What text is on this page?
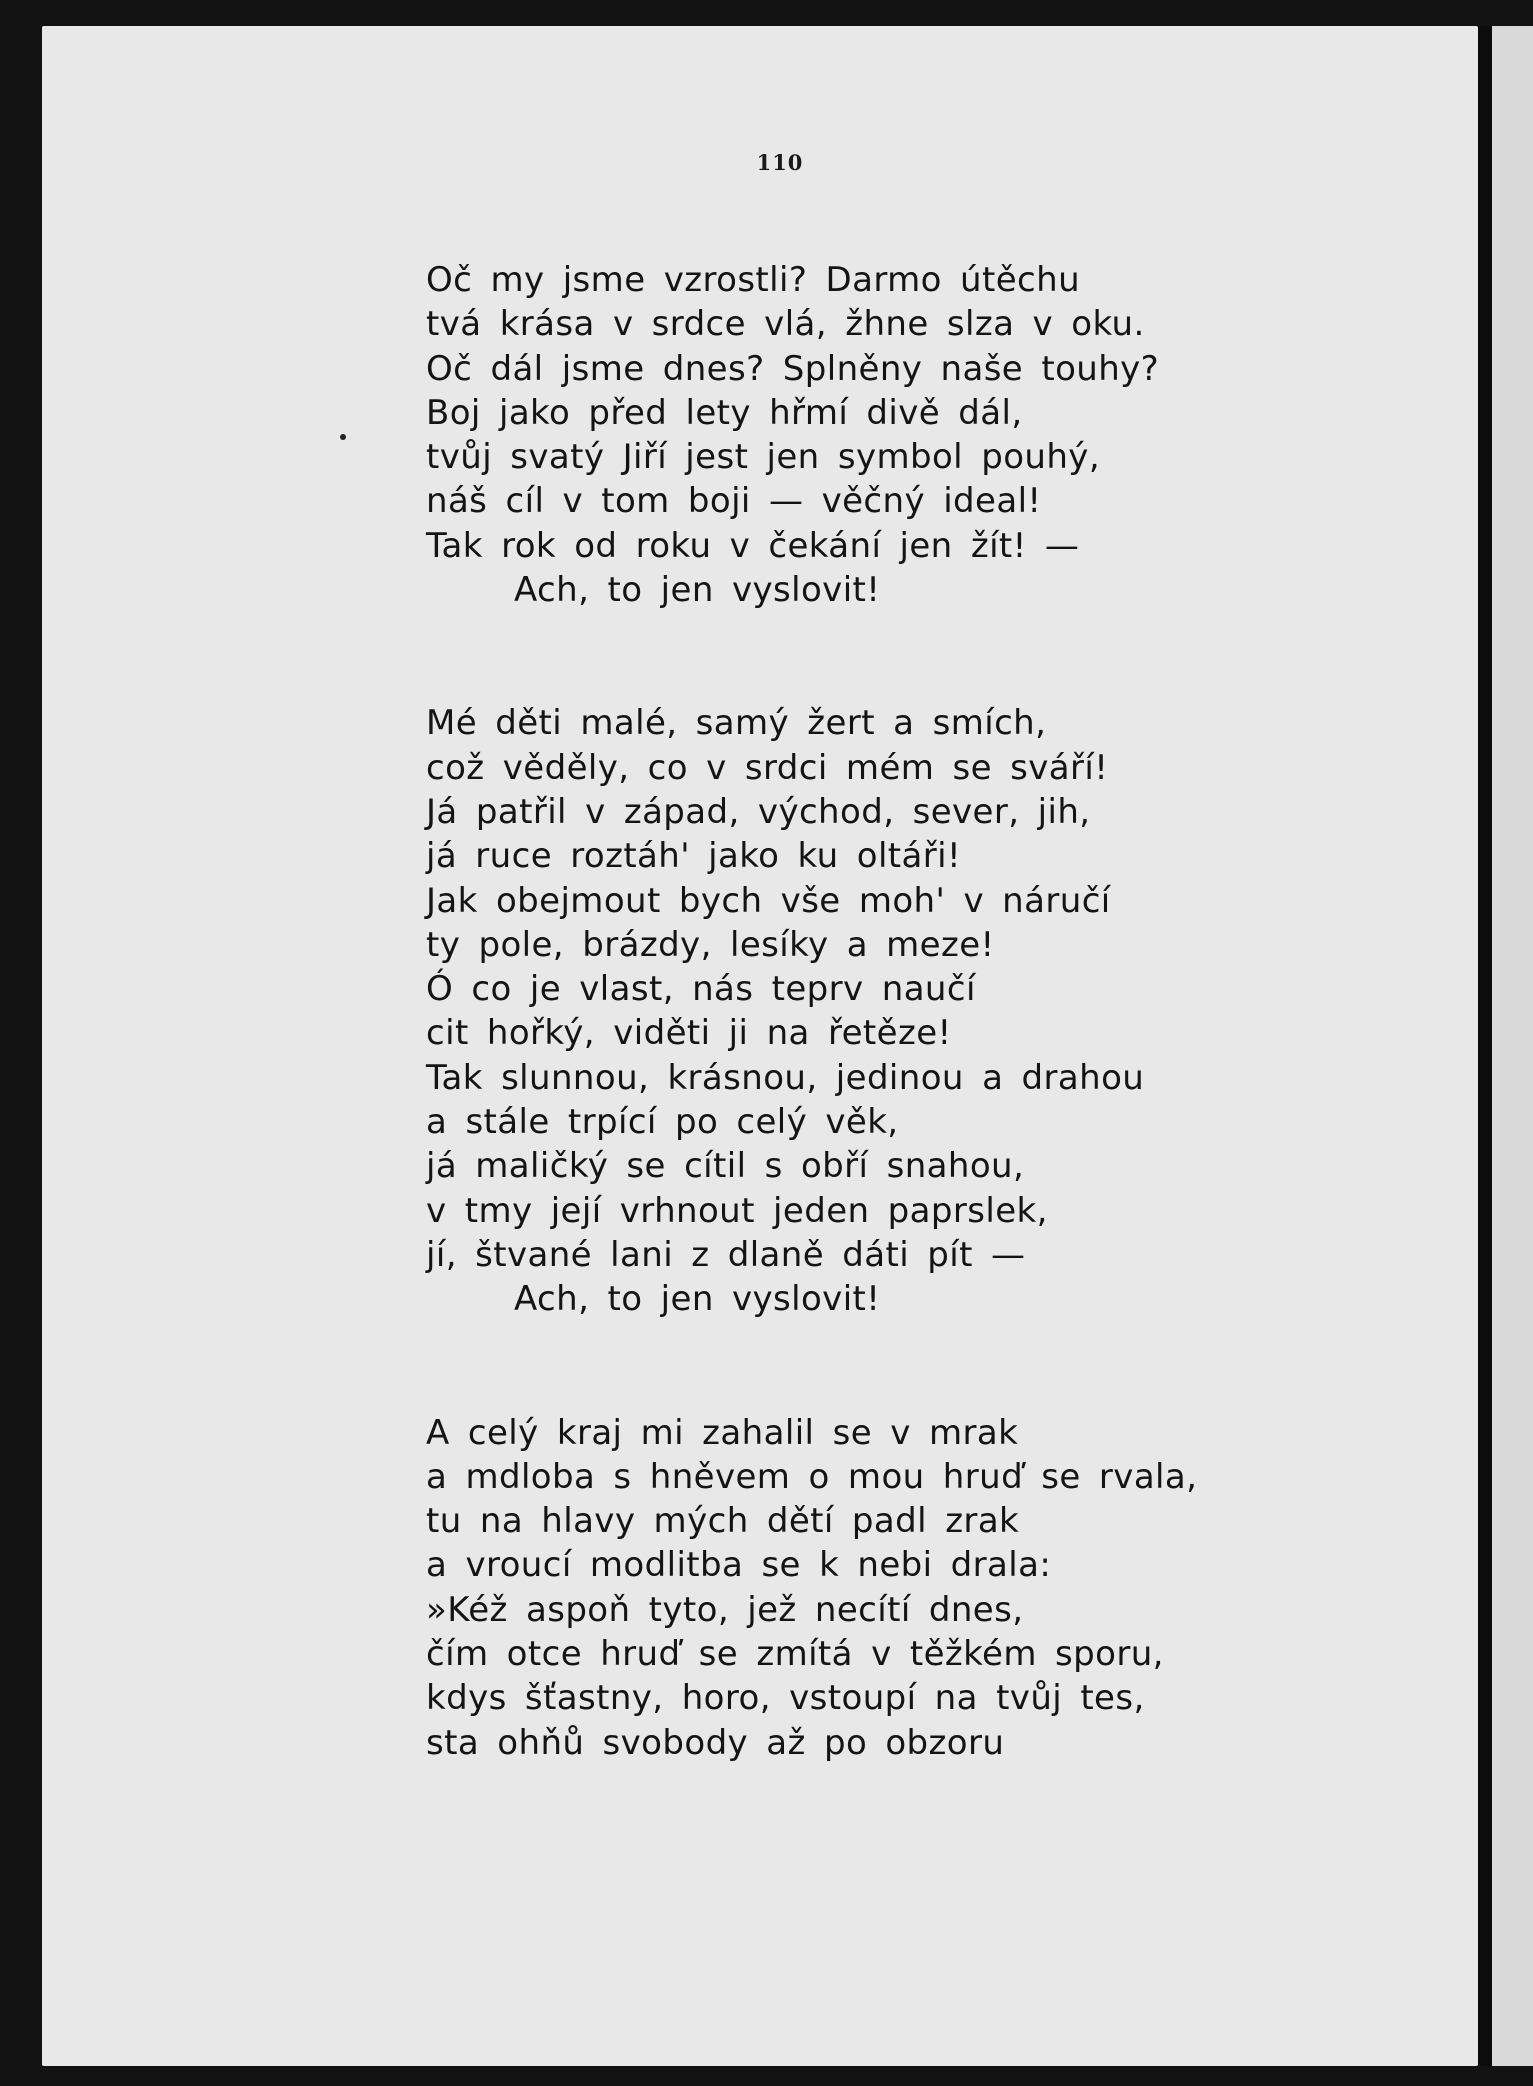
110
Oč my jsme vzrostli? Darmo útěchu
tvá krása v srdce vlá, žhne slza v oku.
Oč dál jsme dnes? Splněny naše touhy?
Boj jako před lety hřmí divě dál,
tvůj svatý Jiří jest jen symbol pouhý,
náš cíl v tom boji — věčný ideal!
Tak rok od roku v čekání jen žít! —
Ach, to jen vyslovit!
Mé děti malé, samý žert a smích,
což věděly, co v srdci mém se sváří!
Já patřil v západ, východ, sever, jih,
já ruce roztáh' jako ku oltáři!
Jak obejmout bych vše moh' v náručí
ty pole, brázdy, lesíky a meze!
Ó co je vlast, nás teprv naučí
cit hořký, viděti ji na řetěze!
Tak slunnou, krásnou, jedinou a drahou
a stále trpící po celý věk,
já maličký se cítil s obří snahou,
v tmy její vrhnout jeden paprslek,
jí, štvané lani z dlaně dáti pít —
Ach, to jen vyslovit!
A celý kraj mi zahalil se v mrak
a mdloba s hněvem o mou hruď se rvala,
tu na hlavy mých dětí padl zrak
a vroucí modlitba se k nebi drala:
»Kéž aspoň tyto, jež necítí dnes,
čím otce hruď se zmítá v těžkém sporu,
kdys šťastny, horo, vstoupí na tvůj tes,
sta ohňů svobody až po obzoru
